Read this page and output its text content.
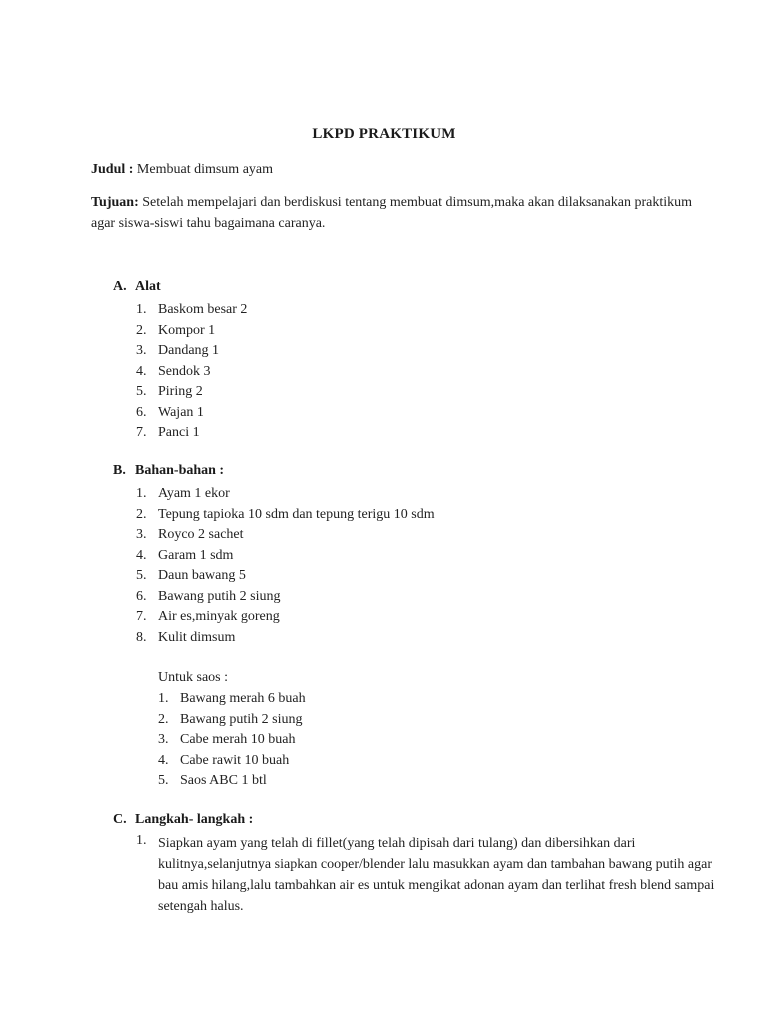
LKPD PRAKTIKUM
Judul : Membuat dimsum ayam
Tujuan: Setelah mempelajari dan berdiskusi tentang membuat dimsum,maka akan dilaksanakan praktikum agar siswa-siswi tahu bagaimana caranya.
A. Alat
1. Baskom besar 2
2. Kompor 1
3. Dandang 1
4. Sendok 3
5. Piring 2
6. Wajan 1
7. Panci 1
B. Bahan-bahan :
1. Ayam 1 ekor
2. Tepung tapioka 10 sdm dan tepung terigu 10 sdm
3. Royco 2 sachet
4. Garam 1 sdm
5. Daun bawang 5
6. Bawang putih 2 siung
7. Air es,minyak goreng
8. Kulit dimsum
Untuk saos :
1. Bawang merah 6 buah
2. Bawang putih 2 siung
3. Cabe merah 10 buah
4. Cabe rawit 10 buah
5. Saos ABC 1 btl
C. Langkah- langkah :
1. Siapkan ayam yang telah di fillet(yang telah dipisah dari tulang) dan dibersihkan dari kulitnya,selanjutnya siapkan cooper/blender lalu masukkan ayam dan tambahan bawang putih agar bau amis hilang,lalu tambahkan air es untuk mengikat adonan ayam dan terlihat fresh blend sampai setengah halus.
